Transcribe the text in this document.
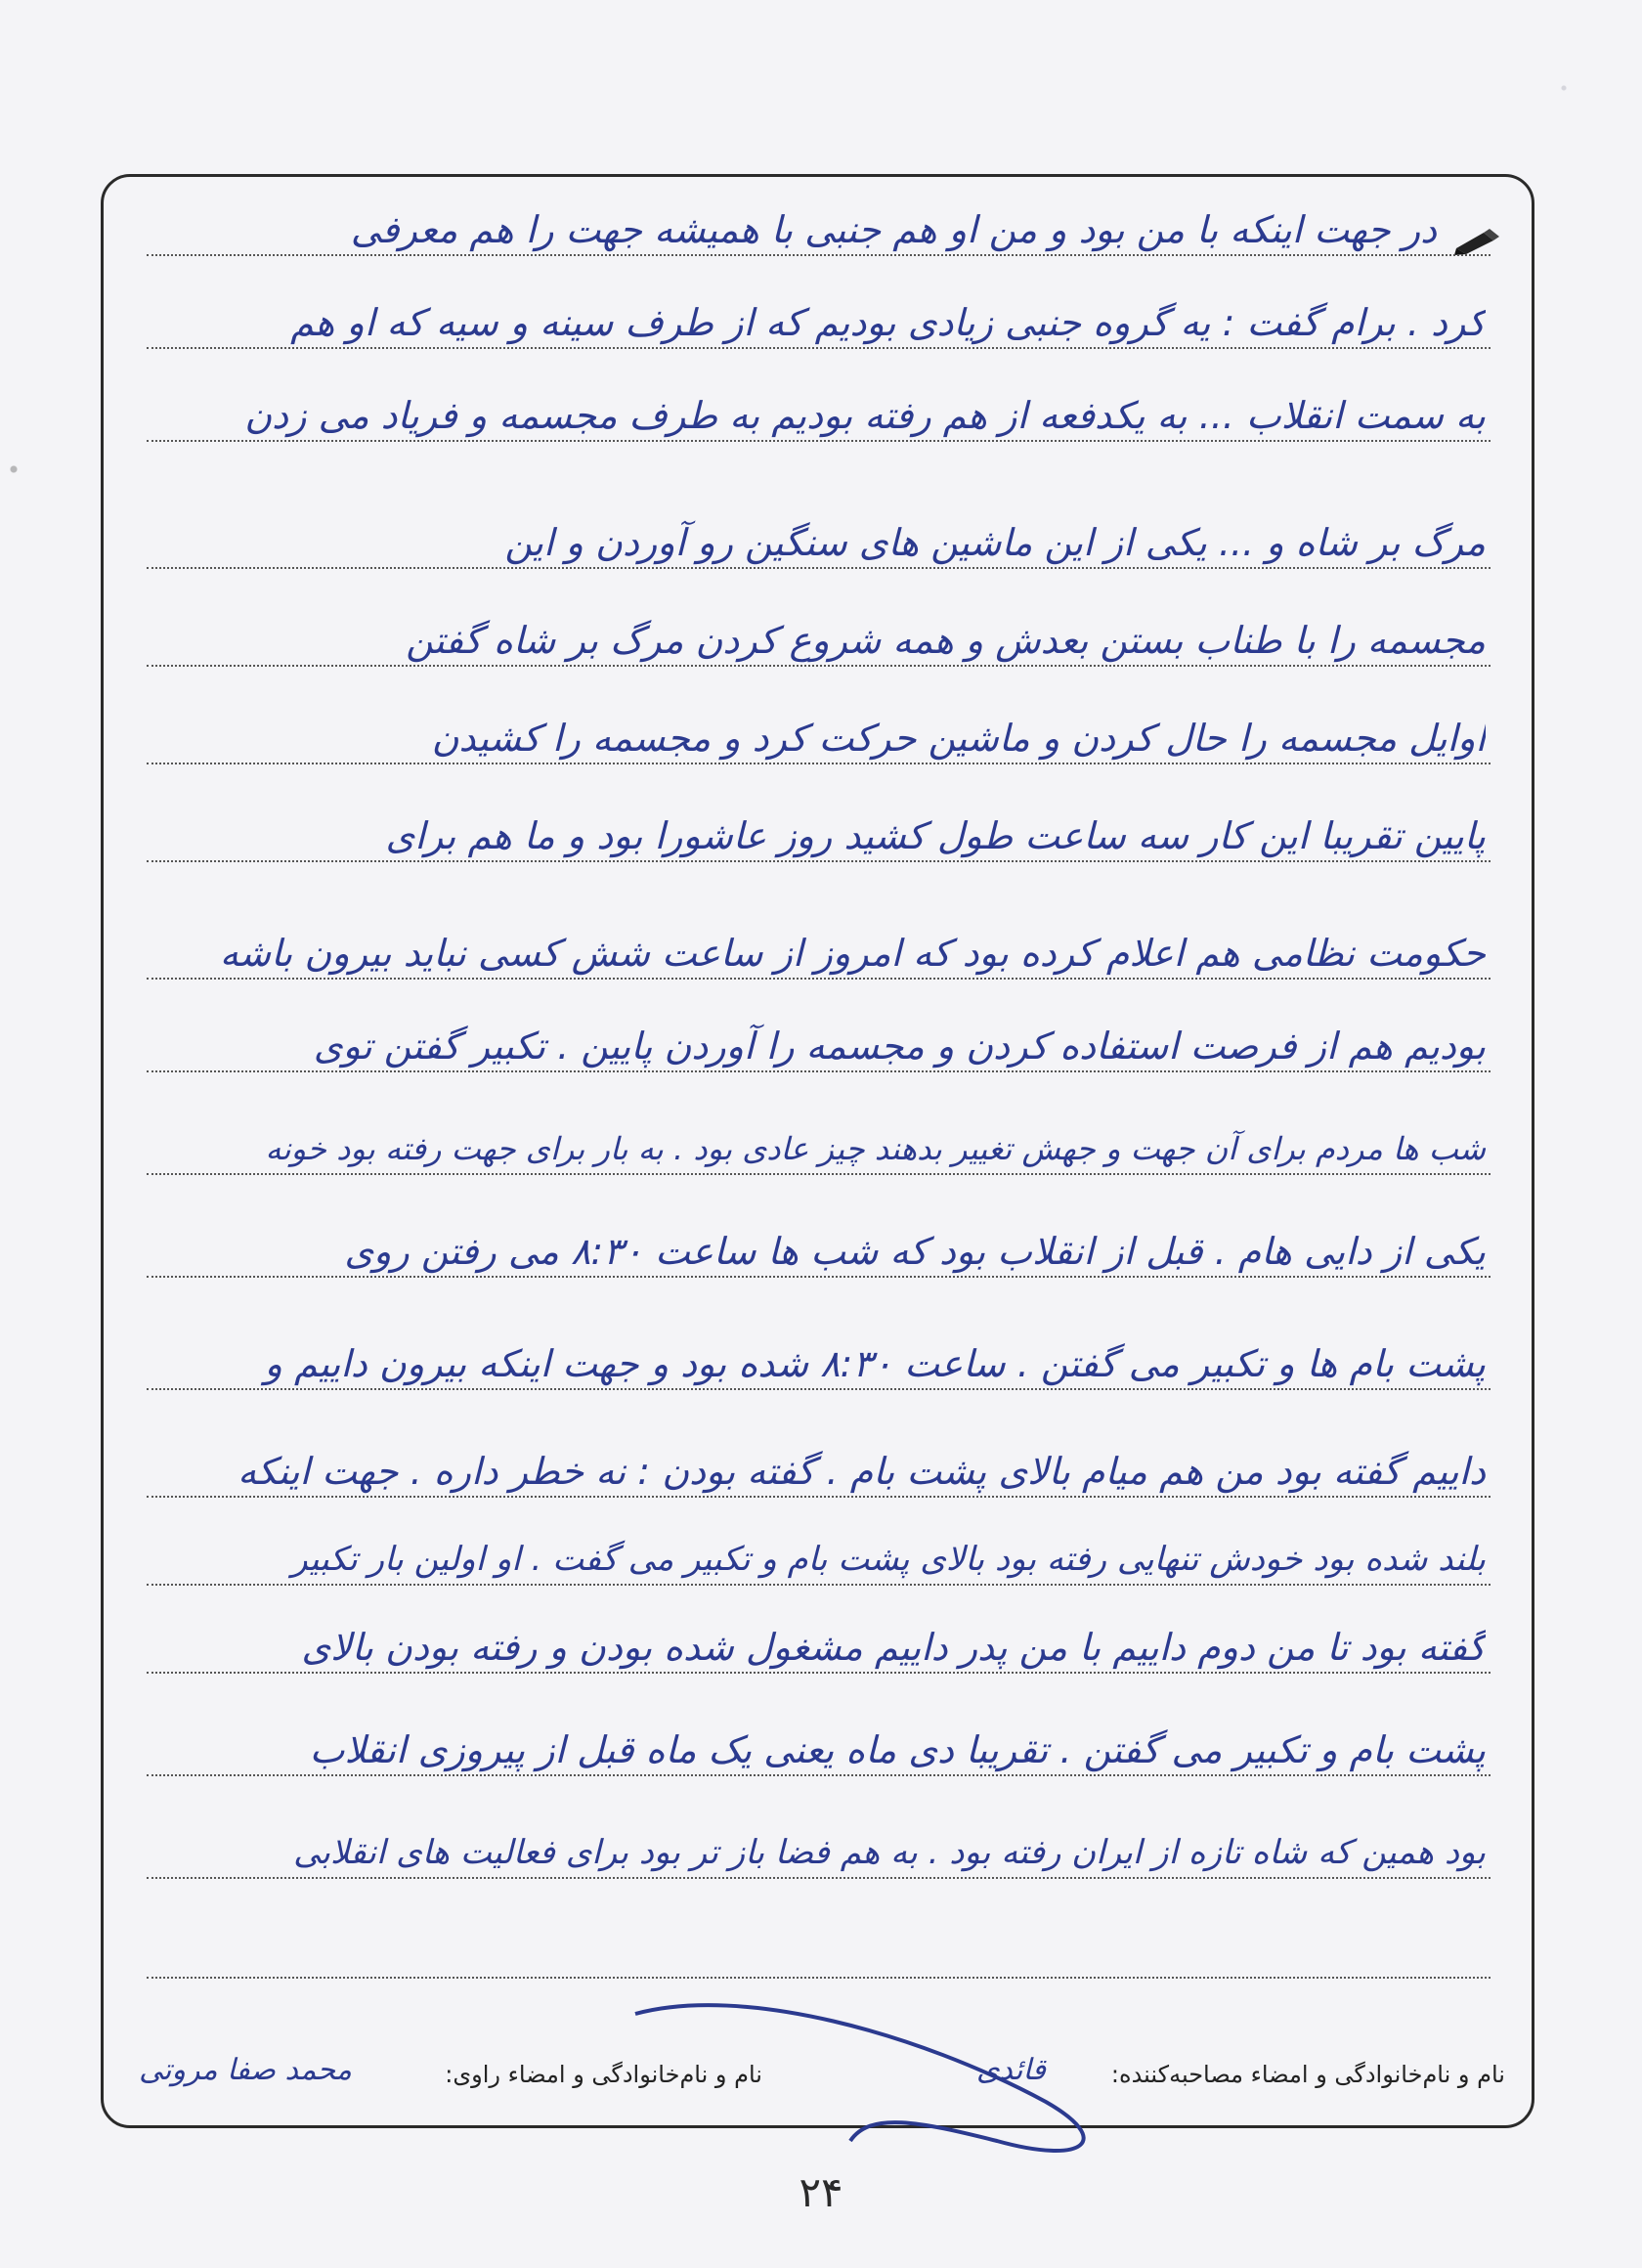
در جهت اینکه با من بود و من او هم جنبی با همیشه جهت را هم معرفی
کرد . برام گفت : یه گروه جنبی زیادی بودیم که از طرف سینه و سیه که او هم
به سمت انقلاب ... به یکدفعه از هم رفته بودیم به طرف مجسمه و فریاد می زدن
مرگ بر شاه و ... یکی از این ماشین های سنگین رو آوردن و این
مجسمه را با طناب بستن بعدش و همه شروع کردن مرگ بر شاه گفتن
اوایل مجسمه را حال کردن و ماشین حرکت کرد و مجسمه را کشیدن
پایین تقریبا این کار سه ساعت طول کشید روز عاشورا بود و ما هم برای
حکومت نظامی هم اعلام کرده بود که امروز از ساعت شش کسی نباید بیرون باشه
بودیم هم از فرصت استفاده کردن و مجسمه را آوردن پایین . تکبیر گفتن توی
شب ها مردم برای آن جهت و جهش تغییر بدهند چیز عادی بود . به بار برای جهت رفته بود خونه
یکی از دایی هام . قبل از انقلاب بود که شب ها ساعت ۸:۳۰ می رفتن روی
پشت بام ها و تکبیر می گفتن . ساعت ۸:۳۰ شده بود و جهت اینکه بیرون داییم و
داییم گفته بود من هم میام بالای پشت بام . گفته بودن : نه خطر داره . جهت اینکه
بلند شده بود خودش تنهایی رفته بود بالای پشت بام و تکبیر می گفت . او اولین بار تکبیر
گفته بود تا من دوم داییم با من پدر داییم مشغول شده بودن و رفته بودن بالای
پشت بام و تکبیر می گفتن . تقریبا دی ماه یعنی یک ماه قبل از پیروزی انقلاب
بود همین که شاه تازه از ایران رفته بود . به هم فضا باز تر بود برای فعالیت های انقلابی
نام و نام‌خانوادگی و امضاء مصاحبه‌کننده:
قائدی
نام و نام‌خانوادگی و امضاء راوی:
محمد صفا مروتی
۲۴
